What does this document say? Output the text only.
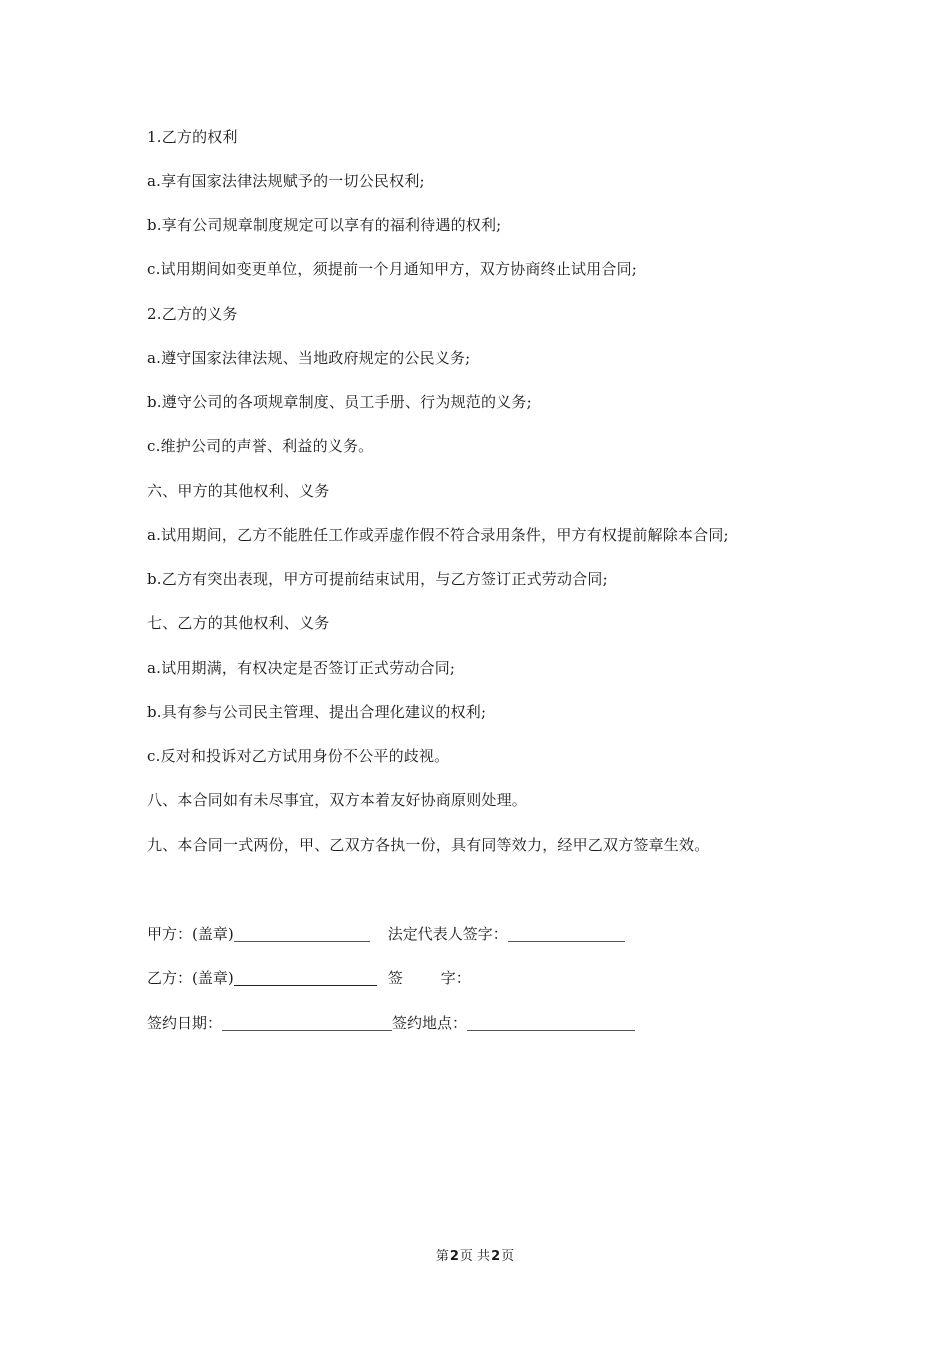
1.乙方的权利
a.享有国家法律法规赋予的一切公民权利;
b.享有公司规章制度规定可以享有的福利待遇的权利;
c.试用期间如变更单位，须提前一个月通知甲方，双方协商终止试用合同;
2.乙方的义务
a.遵守国家法律法规、当地政府规定的公民义务;
b.遵守公司的各项规章制度、员工手册、行为规范的义务;
c.维护公司的声誉、利益的义务。
六、甲方的其他权利、义务
a.试用期间，乙方不能胜任工作或弄虚作假不符合录用条件，甲方有权提前解除本合同;
b.乙方有突出表现，甲方可提前结束试用，与乙方签订正式劳动合同;
七、乙方的其他权利、义务
a.试用期满，有权决定是否签订正式劳动合同;
b.具有参与公司民主管理、提出合理化建议的权利;
c.反对和投诉对乙方试用身份不公平的歧视。
八、本合同如有未尽事宜，双方本着友好协商原则处理。
九、本合同一式两份，甲、乙双方各执一份，具有同等效力，经甲乙双方签章生效。
甲方：(盖章)	法定代表人签字：
乙方：(盖章)	签	字：
签约日期：	签约地点：
第2页 共2页
